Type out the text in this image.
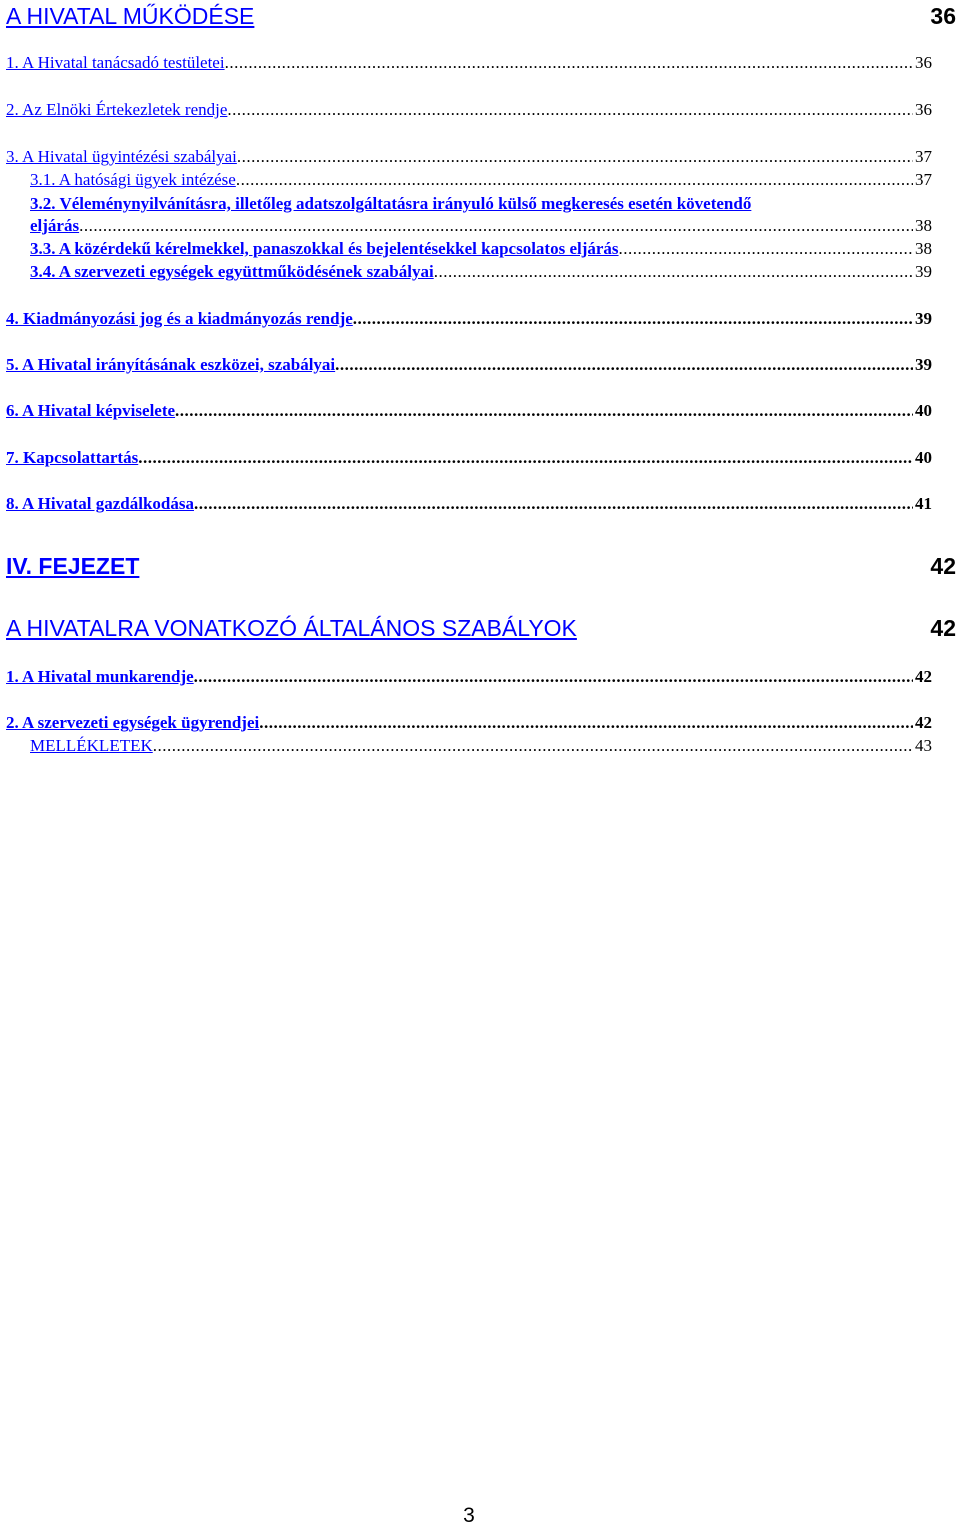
A HIVATAL MŰKÖDÉSE	36
1. A Hivatal tanácsadó testületei .....	36
2. Az Elnöki Értekezletek rendje .....	36
3. A Hivatal ügyintézési szabályai .....	37
3.1. A hatósági ügyek intézése .....	37
3.2. Véleménynyilvánításra, illetőleg adatszolgáltatásra irányuló külső megkeresés esetén követendő
eljárás .....	38
3.3. A közérdekű kérelmekkel, panaszokkal és bejelentésekkel kapcsolatos eljárás .....	38
3.4. A szervezeti egységek együttműködésének szabályai .....	39
4. Kiadmányozási jog és a kiadmányozás rendje .....	39
5. A Hivatal irányításának eszközei, szabályai .....	39
6. A Hivatal képviselete .....	40
7. Kapcsolattartás .....	40
8. A Hivatal gazdálkodása .....	41
IV. FEJEZET	42
A HIVATALRA VONATKOZÓ ÁLTALÁNOS SZABÁLYOK	42
1. A Hivatal munkarendje .....	42
2. A szervezeti egységek ügyrendjei .....	42
MELLÉKLETEK .....	43
3
